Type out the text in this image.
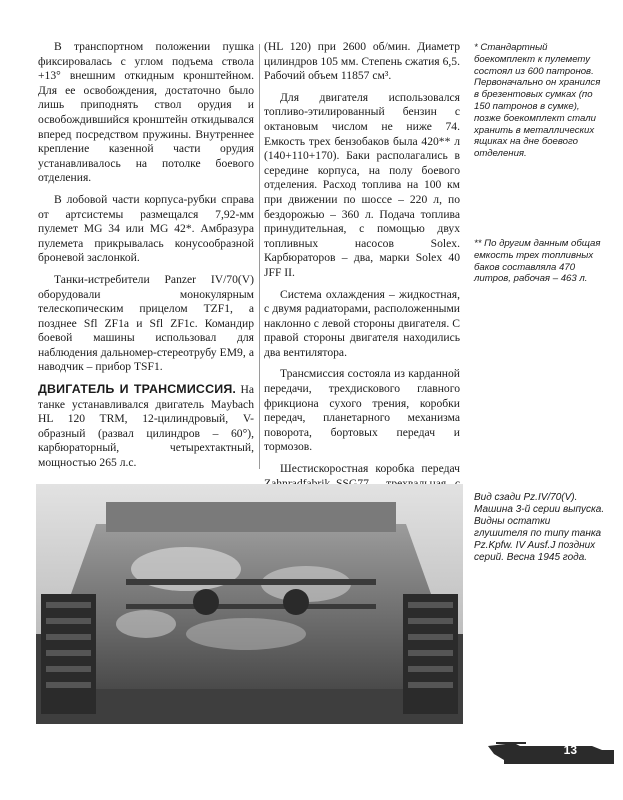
В транспортном положении пушка фиксировалась с углом подъема ствола +13° внешним откидным кронштейном. Для ее освобождения, достаточно было лишь приподнять ствол орудия и освобождившийся кронштейн откидывался вперед посредством пружины. Внутреннее крепление казенной части орудия устанавливалось на потолке боевого отделения.

В лобовой части корпуса-рубки справа от артсистемы размещался 7,92-мм пулемет MG 34 или MG 42*. Амбразура пулемета прикрывалась конусообразной броневой заслонкой.

Танки-истребители Panzer IV/70(V) оборудовали монокулярным телескопическим прицелом TZF1, а позднее Sfl ZF1a и Sfl ZF1c. Командир боевой машины использовал для наблюдения дальномер-стереотрубу EM9, а наводчик – прибор TSF1.

ДВИГАТЕЛЬ И ТРАНСМИССИЯ. На танке устанавливался двигатель Maybach HL 120 TRM, 12-цилиндровый, V-образный (развал цилиндров – 60°), карбюраторный, четырехтактный, мощностью 265 л.с.

(HL 120) при 2600 об/мин. Диаметр цилиндров 105 мм. Степень сжатия 6,5. Рабочий объем 11857 см³.

Для двигателя использовался топливо-этилированный бензин с октановым числом не ниже 74. Емкость трех бензобаков была 420** л (140+110+170). Баки располагались в середине корпуса, на полу боевого отделения. Расход топлива на 100 км при движении по шоссе – 220 л, по бездорожью – 360 л. Подача топлива принудительная, с помощью двух топливных насосов Solex. Карбюраторов – два, марки Solex 40 JFF II.

Система охлаждения – жидкостная, с двумя радиаторами, расположенными наклонно с левой стороны двигателя. С правой стороны двигателя находились два вентилятора.

Трансмиссия состояла из карданной передачи, трехдискового главного фрикциона сухого трения, коробки передач, планетарного механизма поворота, бортовых передач и тормозов.

Шестискоростная коробка передач

* Стандартный боекомплект к пулемету состоял из 600 патронов. Первоначально он хранился в брезентовых сумках (по 150 патронов в сумке), позже боекомплект стали хранить в металлических ящиках на дне боевого отделения.

** По другим данным общая емкость трех топливных баков составляла 470 литров, рабочая – 463 л.

Вид сзади Pz.IV/70(V). Машина 3-й серии выпуска. Видны остатки глушителя по типу танка Pz.Kpfw. IV Ausf.J поздних серий. Весна 1945 года.

13
